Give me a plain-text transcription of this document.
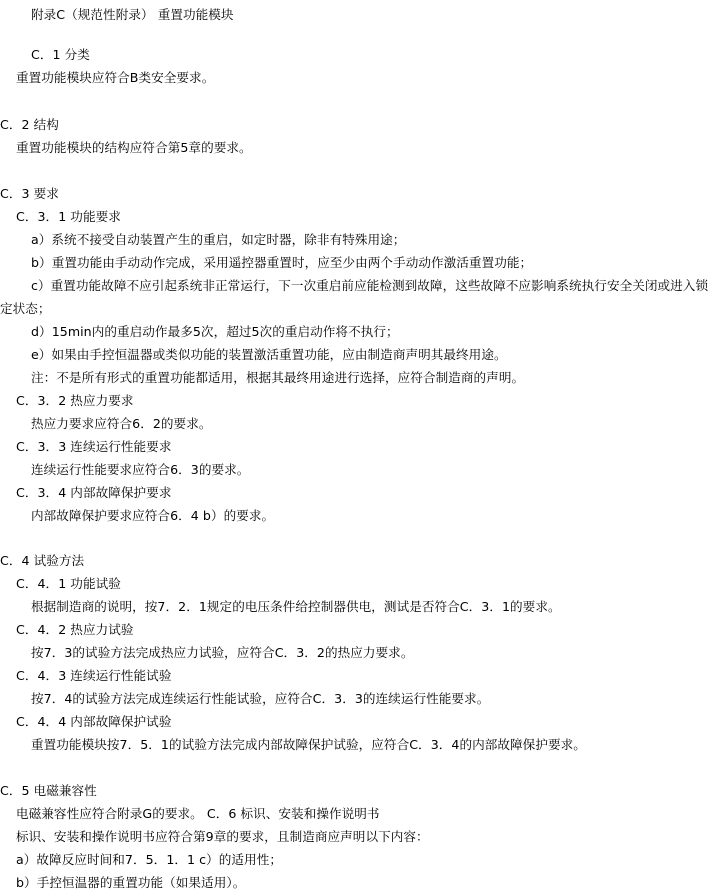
附录C（规范性附录） 重置功能模块
C．1 分类
重置功能模块应符合B类安全要求。
C．2 结构
重置功能模块的结构应符合第5章的要求。
C．3 要求
C．3．1 功能要求
a）系统不接受自动装置产生的重启，如定时器，除非有特殊用途；
b）重置功能由手动动作完成，采用遥控器重置时，应至少由两个手动动作激活重置功能；
c）重置功能故障不应引起系统非正常运行，下一次重启前应能检测到故障，这些故障不应影响系统执行安全关闭或进入锁定状态；
d）15min内的重启动作最多5次，超过5次的重启动作将不执行；
e）如果由手控恒温器或类似功能的装置激活重置功能，应由制造商声明其最终用途。
注：不是所有形式的重置功能都适用，根据其最终用途进行选择，应符合制造商的声明。
C．3．2 热应力要求
热应力要求应符合6．2的要求。
C．3．3 连续运行性能要求
连续运行性能要求应符合6．3的要求。
C．3．4 内部故障保护要求
内部故障保护要求应符合6．4 b）的要求。
C．4 试验方法
C．4．1 功能试验
根据制造商的说明，按7．2．1规定的电压条件给控制器供电，测试是否符合C．3．1的要求。
C．4．2 热应力试验
按7．3的试验方法完成热应力试验，应符合C．3．2的热应力要求。
C．4．3 连续运行性能试验
按7．4的试验方法完成连续运行性能试验，应符合C．3．3的连续运行性能要求。
C．4．4 内部故障保护试验
重置功能模块按7．5．1的试验方法完成内部故障保护试验，应符合C．3．4的内部故障保护要求。
C．5 电磁兼容性
电磁兼容性应符合附录G的要求。 C．6 标识、安装和操作说明书
标识、安装和操作说明书应符合第9章的要求，且制造商应声明以下内容：
a）故障反应时间和7．5．1．1 c）的适用性；
b）手控恒温器的重置功能（如果适用）。
